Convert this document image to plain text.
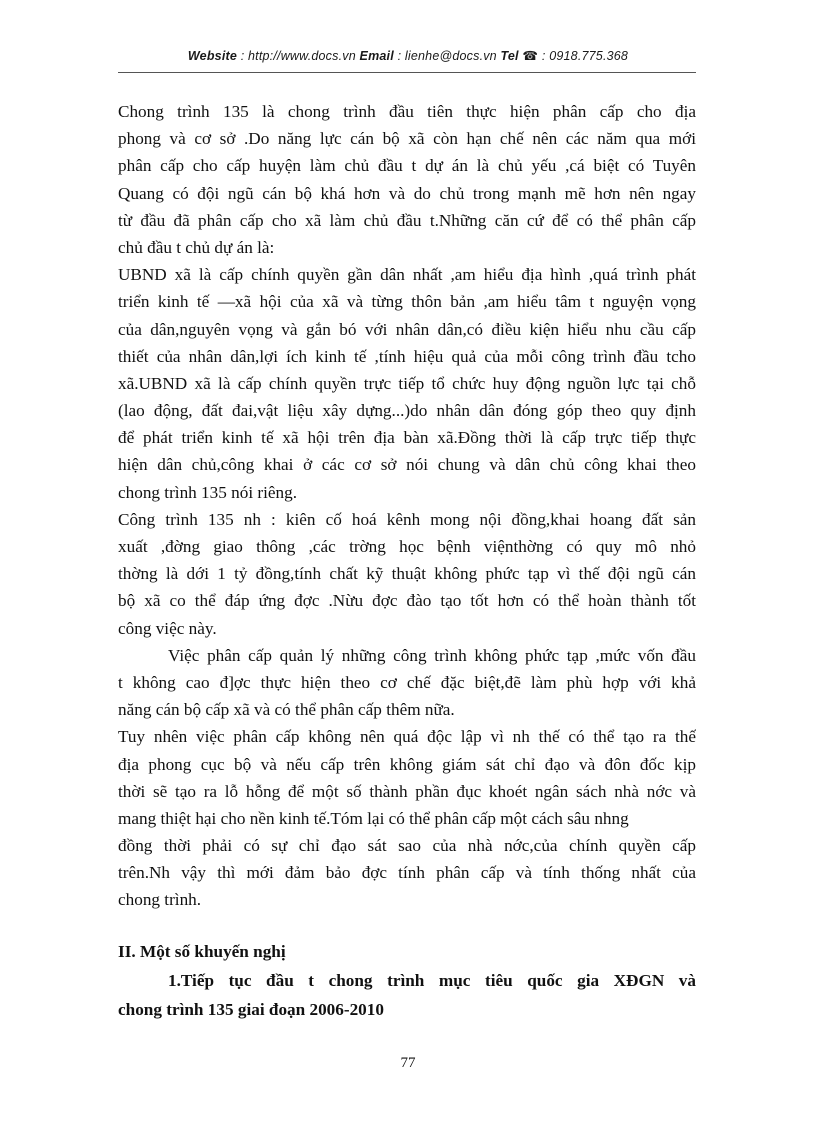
Website : http://www.docs.vn Email : lienhe@docs.vn Tel ☎ : 0918.775.368
Chong trình 135 là chong trình đầu tiên thực hiện phân cấp cho địa
phong và cơ sở .Do năng lực cán bộ xã còn hạn chế nên các năm qua mới
phân cấp cho cấp huyện làm chủ đầu t dự án là chủ yếu ,cá biệt có Tuyên
Quang có đội ngũ cán bộ khá hơn và do chủ trong mạnh mẽ hơn nên ngay
từ đầu đã phân cấp cho xã làm chủ đầu t.Những căn cứ để có thể phân cấp
chủ đầu t chủ dự án là:
UBND xã là cấp chính quyền gần dân nhất ,am hiểu địa hình ,quá trình phát
triển kinh tế —xã hội của xã và từng thôn bản ,am hiểu tâm t nguyện vọng
của dân,nguyên vọng và gắn bó với nhân dân,có điều kiện hiểu nhu cầu cấp
thiết của nhân dân,lợi ích kinh tế ,tính hiệu quả của mỗi công trình đầu tcho
xã.UBND xã là cấp chính quyền trực tiếp tổ chức huy động nguồn lực tại chỗ
(lao động, đất đai,vật liệu xây dựng...)do nhân dân đóng góp theo quy định
để phát triển kinh tế xã hội trên địa bàn xã.Đồng thời là cấp trực tiếp thực
hiện dân chủ,công khai ở các cơ sở nói chung và dân chủ công khai theo
chong trình 135 nói riêng.
Công trình 135 nh : kiên cố hoá kênh mong nội đồng,khai hoang đất sản
xuất ,đờng giao thông ,các trờng học bệnh việnthờng có quy mô nhỏ
thờng là dới 1 tỷ đồng,tính chất kỹ thuật không phức tạp vì thế đội ngũ cán
bộ xã co thể đáp ứng đợc .Nừu đợc đào tạo tốt hơn có thể hoàn thành tốt
công việc này.
Việc phân cấp quản lý những công trình không phức tạp ,mức vốn đầu
t không cao đ]ợc thực hiện theo cơ chế đặc biệt,đẽ làm phù hợp với khả
năng cán bộ cấp xã và có thể phân cấp thêm nữa.
Tuy nhên việc phân cấp không nên quá độc lập vì nh thế có thể tạo ra thế
địa phong cục bộ và nếu cấp trên không giám sát chỉ đạo và đôn đốc kịp
thời sẽ tạo ra lỗ hỗng để một số thành phần đục khoét ngân sách nhà nớc và
mang thiệt hại cho nền kinh tế.Tóm lại có thể phân cấp một cách sâu nhng
đồng thời phải có sự chỉ đạo sát sao của nhà nớc,của chính quyền cấp
trên.Nh vậy thì mới đảm bảo đợc tính phân cấp và tính thống nhất của
chong trình.
II. Một số khuyến nghị
1.Tiếp tục đầu t chong trình mục tiêu quốc gia XĐGN và
chong trình 135 giai đoạn 2006-2010
77
